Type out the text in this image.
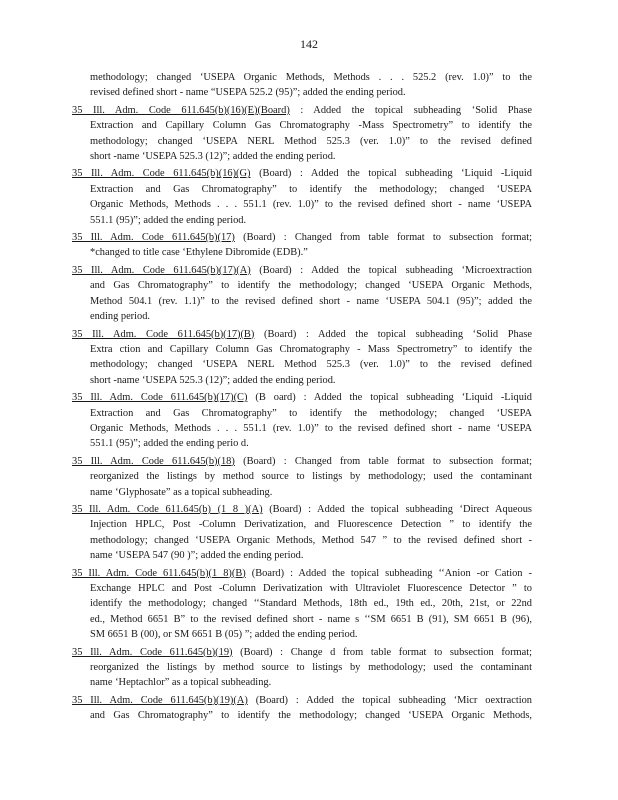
142
methodology; changed ‘USEPA Organic Methods, Methods . . . 525.2 (rev. 1.0)” to the
revised defined short - name “USEPA 525.2 (95)”; added the ending period.
35 Ill. Adm. Code 611.645(b)(16)(E)(Board) : Added the topical subheading ‘Solid Phase
Extraction and Capillary Column Gas Chromatography -Mass Spectrometry” to identify the
methodology; changed ‘USEPA NERL Method 525.3 (ver. 1.0)” to the revised defined
short -name ‘USEPA 525.3 (12)”; added the ending period.
35 Ill. Adm. Code 611.645(b)(16)(G) (Board) : Added the topical subheading ‘Liquid -Liquid
Extraction and Gas Chromatography” to identify the methodology; changed ‘USEPA
Organic Methods, Methods . . . 551.1 (rev. 1.0)” to the revised defined short - name ‘USEPA
551.1 (95)”; added the ending period.
35 Ill. Adm. Code 611.645(b)(17) (Board) : Changed from table format to subsection format;
*changed to title case ‘Ethylene Dibromide (EDB).”
35 Ill. Adm. Code 611.645(b)(17)(A) (Board) : Added the topical subheading ‘Microextraction
and Gas Chromatography” to identify the methodology; changed ‘USEPA Organic Methods,
Method 504.1 (rev. 1.1)” to the revised defined short - name ‘USEPA 504.1 (95)”; added the
ending period.
35 Ill. Adm. Code 611.645(b)(17)(B) (Board) : Added the topical subheading ‘Solid Phase
Extra ction and Capillary Column Gas Chromatography - Mass Spectrometry” to identify the
methodology; changed ‘USEPA NERL Method 525.3 (ver. 1.0)” to the revised defined
short -name ‘USEPA 525.3 (12)”; added the ending period.
35 Ill. Adm. Code 611.645(b)(17)(C) (B oard) : Added the topical subheading ‘Liquid -Liquid
Extraction and Gas Chromatography” to identify the methodology; changed ‘USEPA
Organic Methods, Methods . . . 551.1 (rev. 1.0)” to the revised defined short - name ‘USEPA
551.1 (95)”; added the ending perio d.
35 Ill. Adm. Code 611.645(b)(18) (Board) : Changed from table format to subsection format;
reorganized the listings by method source to listings by methodology; used the contaminant
name ‘Glyphosate” as a topical subheading.
35 Ill. Adm. Code 611.645(b) (1 8 )(A) (Board) : Added the topical subheading ‘Direct Aqueous
Injection HPLC, Post -Column Derivatization, and Fluorescence Detection ” to identify the
methodology; changed ‘USEPA Organic Methods, Method 547 ” to the revised defined short -
name ‘USEPA 547 (90 )”; added the ending period.
35 Ill. Adm. Code 611.645(b)(1 8)(B) (Board) : Added the topical subheading ‘‘Anion -or Cation -
Exchange HPLC and Post -Column Derivatization with Ultraviolet Fluorescence Detector ” to
identify the methodology; changed ‘‘Standard Methods, 18th ed., 19th ed., 20th, 21st, or 22nd
ed., Method 6651 B” to the revised defined short - name s ‘‘SM 6651 B (91), SM 6651 B (96),
SM 6651 B (00), or SM 6651 B (05) ”; added the ending period.
35 Ill. Adm. Code 611.645(b)(19) (Board) : Change d from table format to subsection format;
reorganized the listings by method source to listings by methodology; used the contaminant
name ‘Heptachlor” as a topical subheading.
35 Ill. Adm. Code 611.645(b)(19)(A) (Board) : Added the topical subheading ‘Micr oextraction
and Gas Chromatography” to identify the methodology; changed ‘USEPA Organic Methods,
